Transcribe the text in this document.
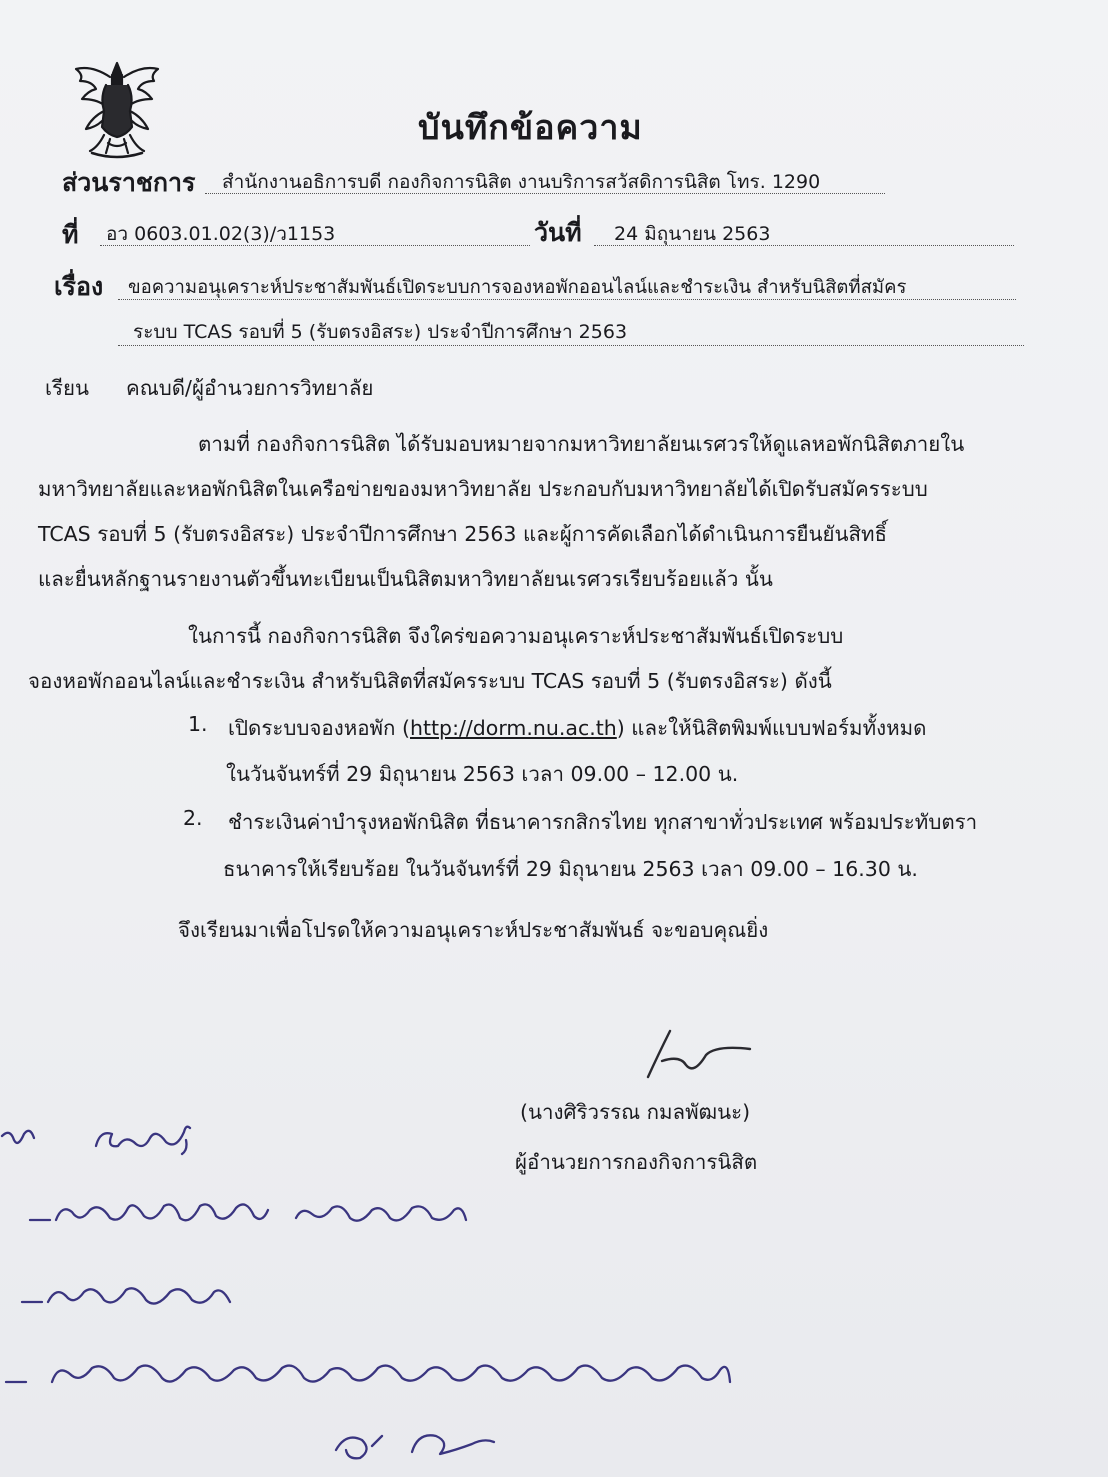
บันทึกข้อความ
ส่วนราชการ สำนักงานอธิการบดี กองกิจการนิสิต งานบริการสวัสดิการนิสิต โทร. 1290
ที่ อว 0603.01.02(3)/ว1153	วันที่ 24 มิถุนายน 2563
เรื่อง ขอความอนุเคราะห์ประชาสัมพันธ์เปิดระบบการจองหอพักออนไลน์และชำระเงิน สำหรับนิสิตที่สมัคร
ระบบ TCAS รอบที่ 5 (รับตรงอิสระ) ประจำปีการศึกษา 2563
เรียน คณบดี/ผู้อำนวยการวิทยาลัย
ตามที่ กองกิจการนิสิต ได้รับมอบหมายจากมหาวิทยาลัยนเรศวรให้ดูแลหอพักนิสิตภายใน
มหาวิทยาลัยและหอพักนิสิตในเครือข่ายของมหาวิทยาลัย ประกอบกับมหาวิทยาลัยได้เปิดรับสมัครระบบ
TCAS รอบที่ 5 (รับตรงอิสระ) ประจำปีการศึกษา 2563 และผู้การคัดเลือกได้ดำเนินการยืนยันสิทธิ์
และยื่นหลักฐานรายงานตัวขึ้นทะเบียนเป็นนิสิตมหาวิทยาลัยนเรศวรเรียบร้อยแล้ว นั้น
ในการนี้ กองกิจการนิสิต จึงใคร่ขอความอนุเคราะห์ประชาสัมพันธ์เปิดระบบ
จองหอพักออนไลน์และชำระเงิน สำหรับนิสิตที่สมัครระบบ TCAS รอบที่ 5 (รับตรงอิสระ) ดังนี้
1. เปิดระบบจองหอพัก (http://dorm.nu.ac.th) และให้นิสิตพิมพ์แบบฟอร์มทั้งหมด
ในวันจันทร์ที่ 29 มิถุนายน 2563 เวลา 09.00 – 12.00 น.
2. ชำระเงินค่าบำรุงหอพักนิสิต ที่ธนาคารกสิกรไทย ทุกสาขาทั่วประเทศ พร้อมประทับตรา
ธนาคารให้เรียบร้อย ในวันจันทร์ที่ 29 มิถุนายน 2563 เวลา 09.00 – 16.30 น.
จึงเรียนมาเพื่อโปรดให้ความอนุเคราะห์ประชาสัมพันธ์ จะขอบคุณยิ่ง
(นางศิริวรรณ กมลพัฒนะ)
ผู้อำนวยการกองกิจการนิสิต
